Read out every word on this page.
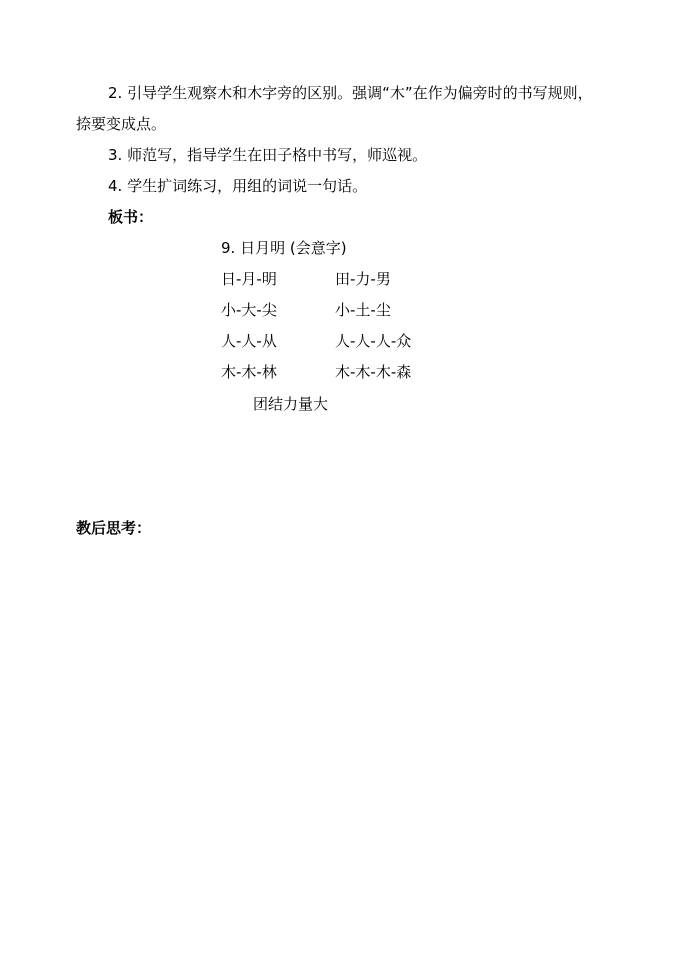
2. 引导学生观察木和木字旁的区别。强调“木”在作为偏旁时的书写规则，
捺要变成点。
3. 师范写，指导学生在田子格中书写，师巡视。
4. 学生扩词练习，用组的词说一句话。
板书：
9. 日月明 (会意字)
日-月-明	田-力-男
小-大-尖	小-土-尘
人-人-从	人-人-人-众
木-木-林	木-木-木-森
团结力量大
教后思考：
